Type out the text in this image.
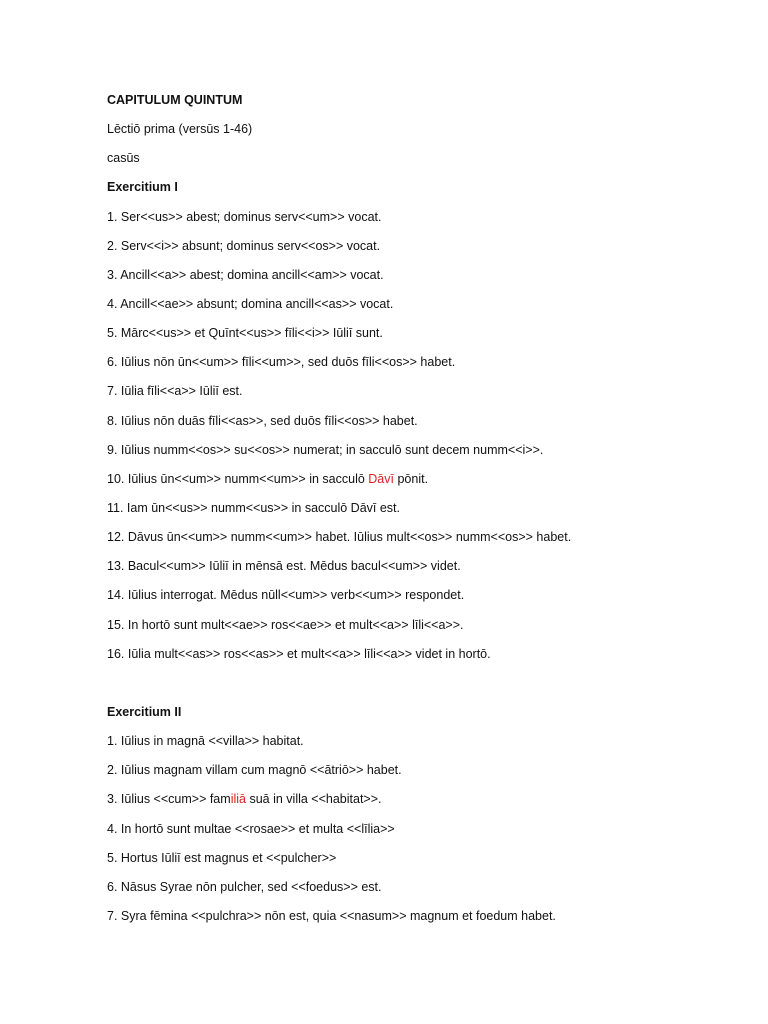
CAPITULUM QUINTUM
Lēctiō prima (versūs 1-46)
casūs
Exercitium I
1. Ser<<us>> abest; dominus serv<<um>> vocat.
2. Serv<<i>> absunt; dominus serv<<os>> vocat.
3. Ancill<<a>> abest; domina ancill<<am>> vocat.
4. Ancill<<ae>> absunt; domina ancill<<as>> vocat.
5. Mārc<<us>> et Quīnt<<us>> fīli<<i>> Iūliī sunt.
6. Iūlius nōn ūn<<um>> fīli<<um>>, sed duōs fīli<<os>> habet.
7. Iūlia fīli<<a>> Iūliī est.
8. Iūlius nōn duās fīli<<as>>, sed duōs fīli<<os>> habet.
9. Iūlius numm<<os>> su<<os>> numerat; in sacculō sunt decem numm<<i>>.
10. Iūlius ūn<<um>> numm<<um>> in sacculō Dāvī pōnit.
11. Iam ūn<<us>> numm<<us>> in sacculō Dāvī est.
12. Dāvus ūn<<um>> numm<<um>> habet. Iūlius mult<<os>> numm<<os>> habet.
13. Bacul<<um>> Iūliī in mēnsā est. Mēdus bacul<<um>> videt.
14. Iūlius interrogat. Mēdus nūll<<um>> verb<<um>> respondet.
15. In hortō sunt mult<<ae>> ros<<ae>> et mult<<a>> līli<<a>>.
16. Iūlia mult<<as>> ros<<as>> et mult<<a>> līli<<a>> videt in hortō.
Exercitium II
1. Iūlius in magnā <<villa>> habitat.
2. Iūlius magnam villam cum magnō <<ātriō>> habet.
3. Iūlius <<cum>> familiā suā in villa <<habitat>>.
4. In hortō sunt multae <<rosae>> et multa <<līlia>>
5. Hortus Iūliī est magnus et <<pulcher>>
6. Nāsus Syrae nōn pulcher, sed <<foedus>> est.
7. Syra fēmina <<pulchra>> nōn est, quia <<nasum>> magnum et foedum habet.
